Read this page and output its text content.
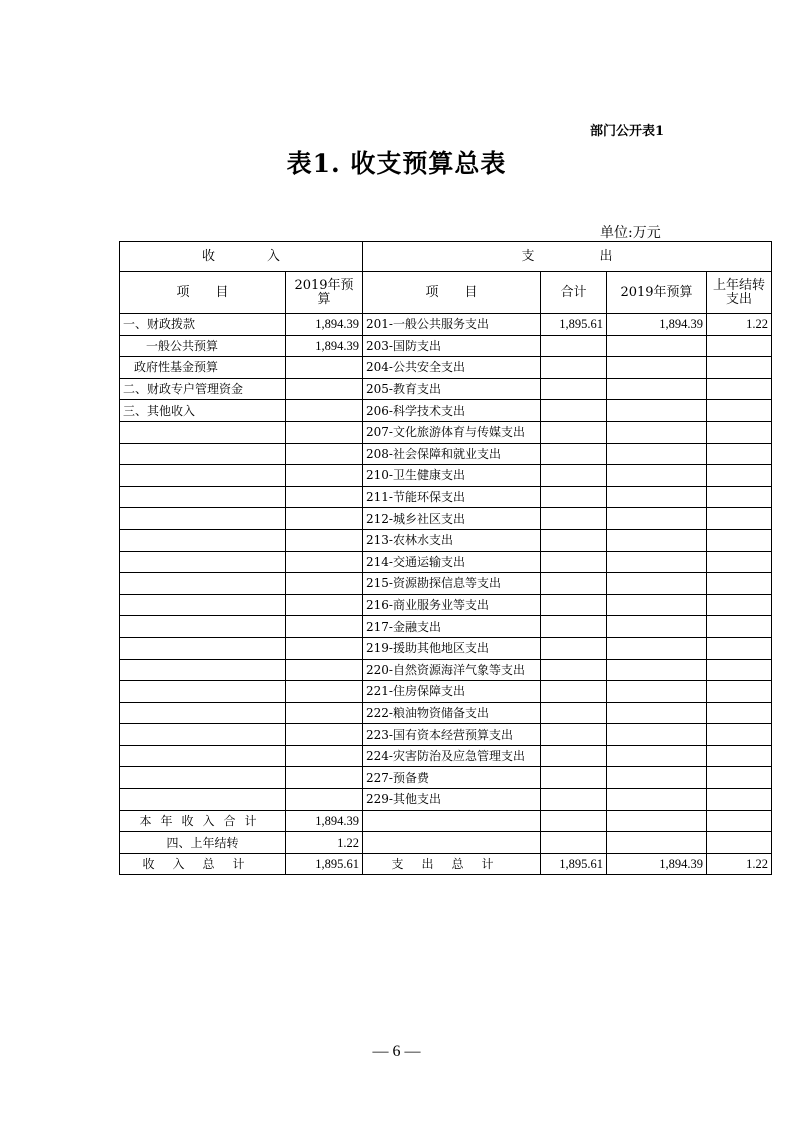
部门公开表1
表1. 收支预算总表
单位:万元
收　　　　入		支　　　　　出			
项　　目	2019年预算	项　　目	合计	2019年预算	上年结转支出
一、财政拨款	1,894.39	201-一般公共服务支出	1,895.61	1,894.39	1.22
一般公共预算	1,894.39	203-国防支出			
政府性基金预算		204-公共安全支出			
二、财政专户管理资金		205-教育支出			
三、其他收入		206-科学技术支出			
		207-文化旅游体育与传媒支出			
		208-社会保障和就业支出			
		210-卫生健康支出			
		211-节能环保支出			
		212-城乡社区支出			
		213-农林水支出			
		214-交通运输支出			
		215-资源勘探信息等支出			
		216-商业服务业等支出			
		217-金融支出			
		219-援助其他地区支出			
		220-自然资源海洋气象等支出			
		221-住房保障支出			
		222-粮油物资储备支出			
		223-国有资本经营预算支出			
		224-灾害防治及应急管理支出			
		227-预备费			
		229-其他支出			
本年收入合计	1,894.39				
四、上年结转	1.22				
收入总计	1,895.61	支出总计	1,895.61	1,894.39	1.22
— 6 —
